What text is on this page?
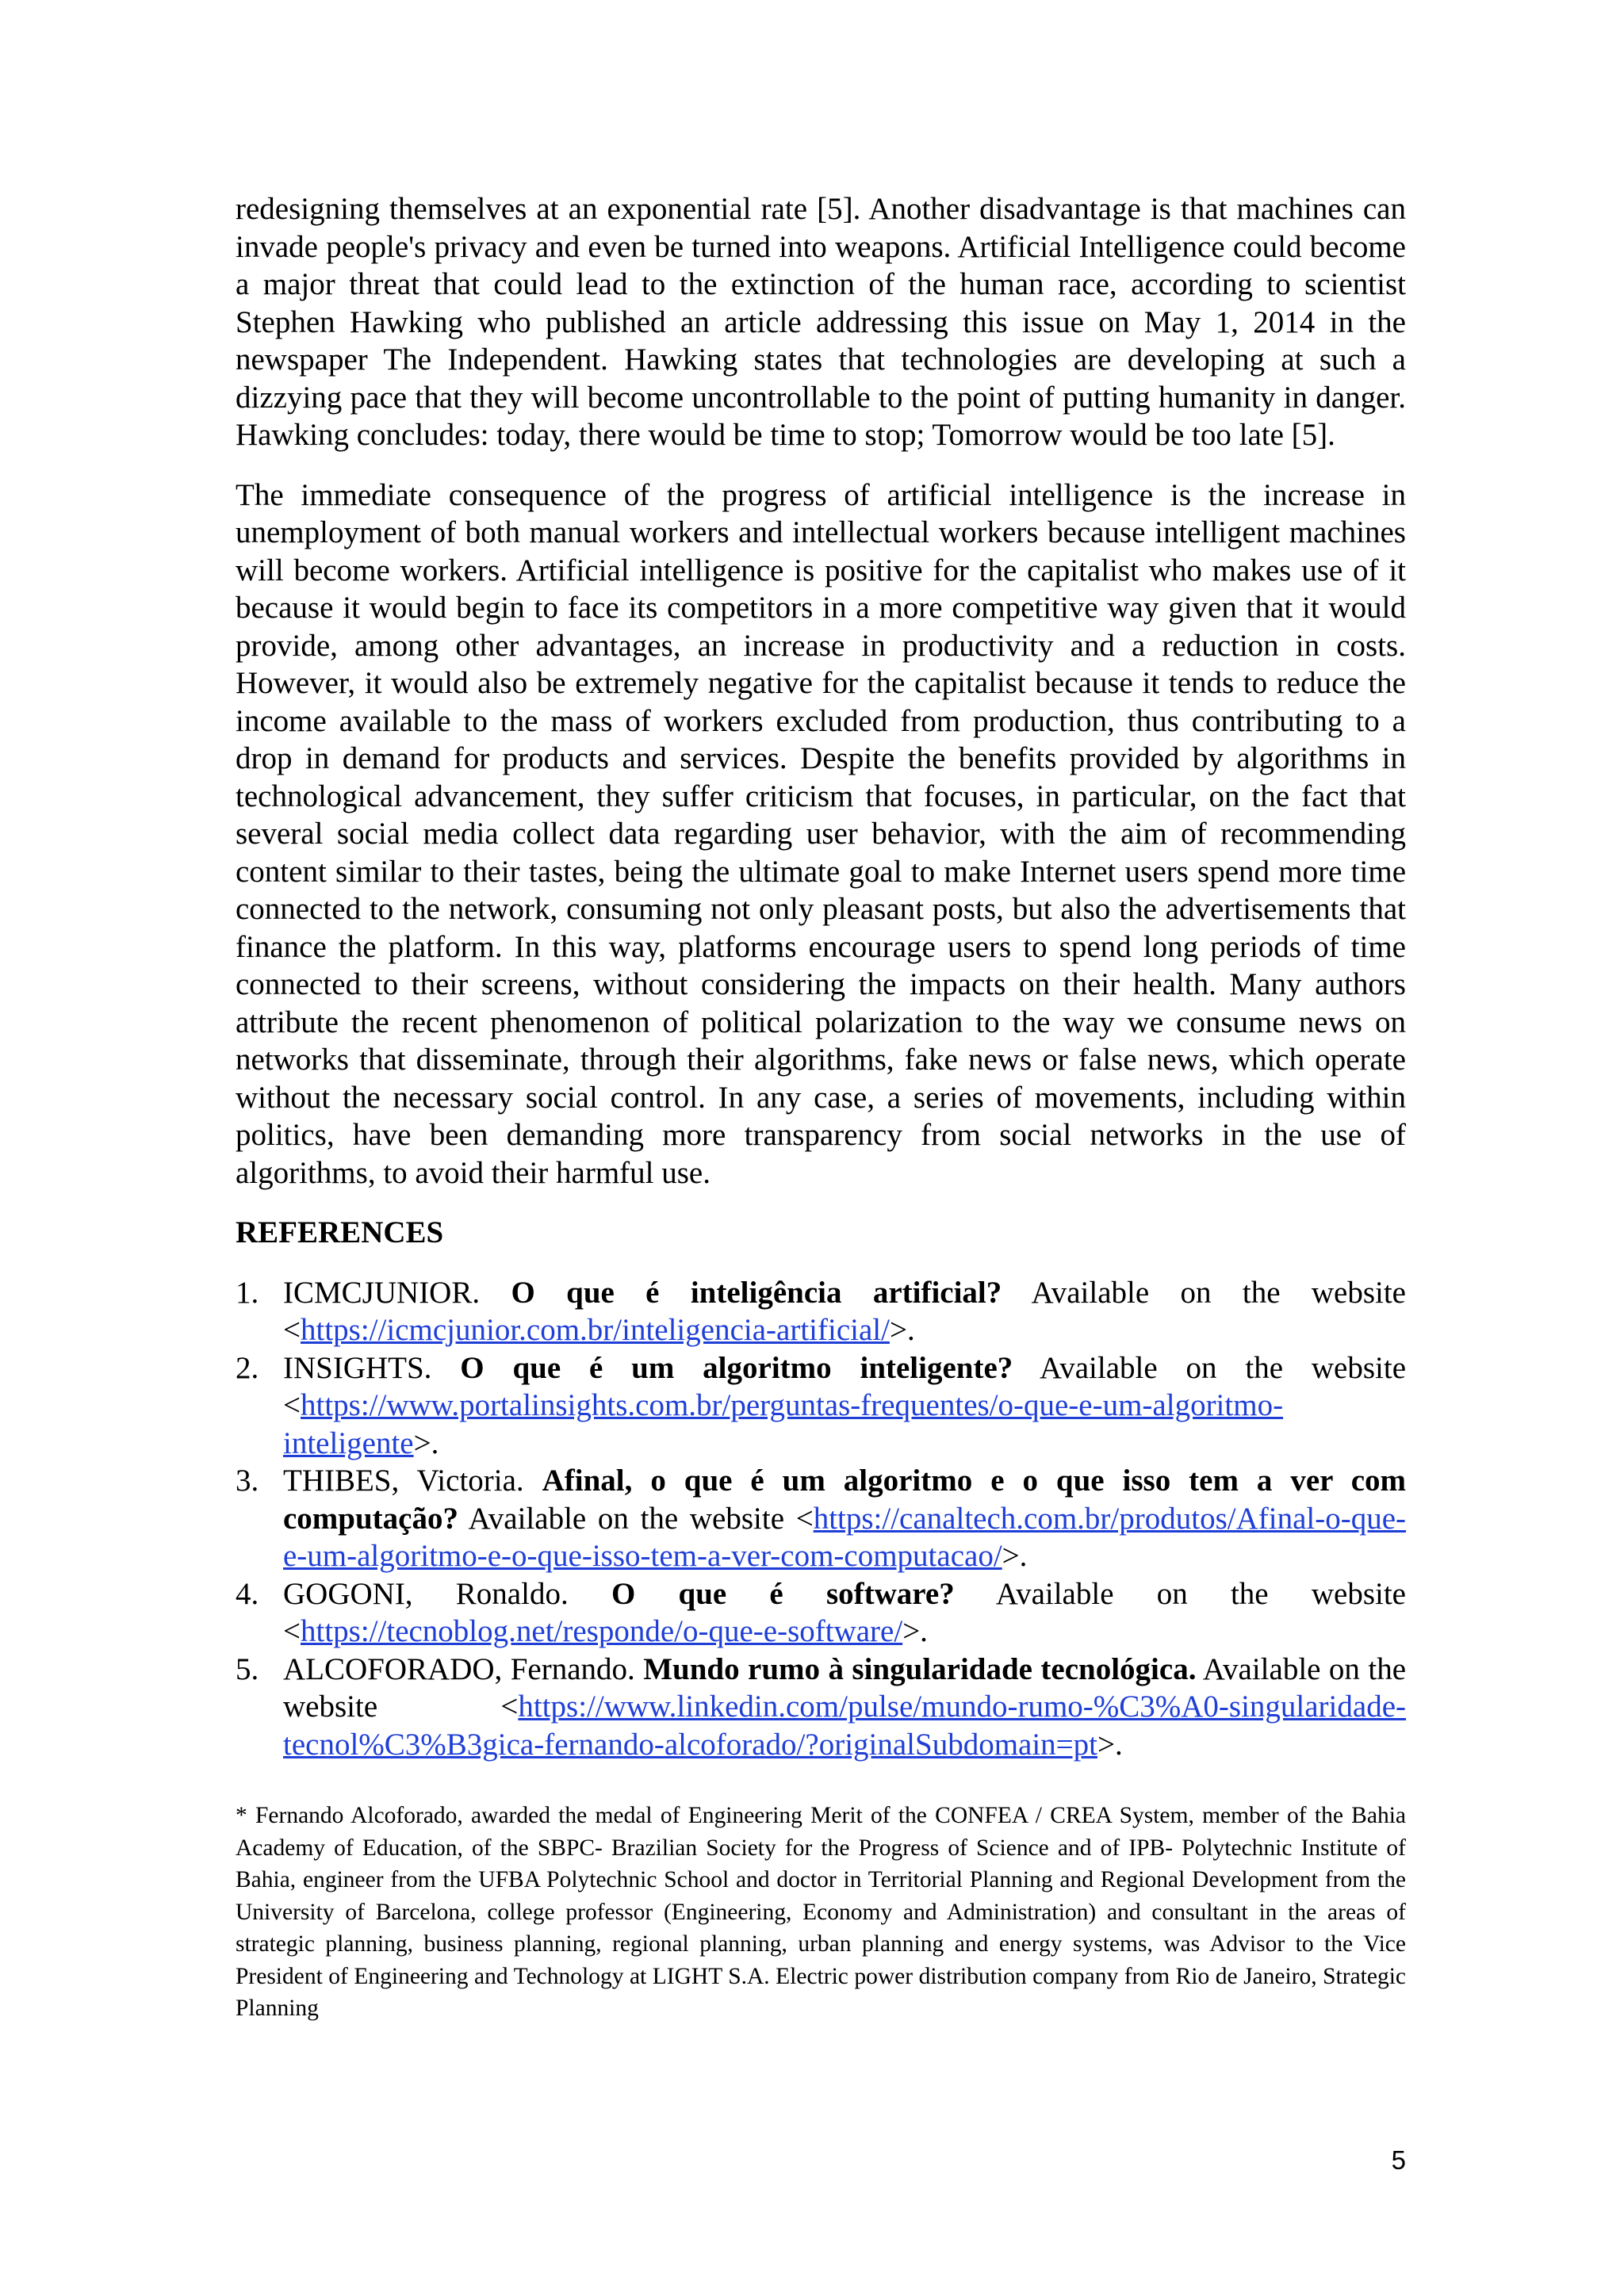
redesigning themselves at an exponential rate [5]. Another disadvantage is that machines can invade people's privacy and even be turned into weapons. Artificial Intelligence could become a major threat that could lead to the extinction of the human race, according to scientist Stephen Hawking who published an article addressing this issue on May 1, 2014 in the newspaper The Independent. Hawking states that technologies are developing at such a dizzying pace that they will become uncontrollable to the point of putting humanity in danger. Hawking concludes: today, there would be time to stop; Tomorrow would be too late [5].

The immediate consequence of the progress of artificial intelligence is the increase in unemployment of both manual workers and intellectual workers because intelligent machines will become workers. Artificial intelligence is positive for the capitalist who makes use of it because it would begin to face its competitors in a more competitive way given that it would provide, among other advantages, an increase in productivity and a reduction in costs. However, it would also be extremely negative for the capitalist because it tends to reduce the income available to the mass of workers excluded from production, thus contributing to a drop in demand for products and services. Despite the benefits provided by algorithms in technological advancement, they suffer criticism that focuses, in particular, on the fact that several social media collect data regarding user behavior, with the aim of recommending content similar to their tastes, being the ultimate goal to make Internet users spend more time connected to the network, consuming not only pleasant posts, but also the advertisements that finance the platform. In this way, platforms encourage users to spend long periods of time connected to their screens, without considering the impacts on their health. Many authors attribute the recent phenomenon of political polarization to the way we consume news on networks that disseminate, through their algorithms, fake news or false news, which operate without the necessary social control. In any case, a series of movements, including within politics, have been demanding more transparency from social networks in the use of algorithms, to avoid their harmful use.

REFERENCES
1. ICMCJUNIOR. O que é inteligência artificial? Available on the website <https://icmcjunior.com.br/inteligencia-artificial/>.
2. INSIGHTS. O que é um algoritmo inteligente? Available on the website <https://www.portalinsights.com.br/perguntas-frequentes/o-que-e-um-algoritmo-inteligente>.
3. THIBES, Victoria. Afinal, o que é um algoritmo e o que isso tem a ver com computação? Available on the website <https://canaltech.com.br/produtos/Afinal-o-que-e-um-algoritmo-e-o-que-isso-tem-a-ver-com-computacao/>.
4. GOGONI, Ronaldo. O que é software? Available on the website <https://tecnoblog.net/responde/o-que-e-software/>.
5. ALCOFORADO, Fernando. Mundo rumo à singularidade tecnológica. Available on the website <https://www.linkedin.com/pulse/mundo-rumo-%C3%A0-singularidade-tecnol%C3%B3gica-fernando-alcoforado/?originalSubdomain=pt>.

* Fernando Alcoforado, awarded the medal of Engineering Merit of the CONFEA / CREA System, member of the Bahia Academy of Education, of the SBPC- Brazilian Society for the Progress of Science and of IPB- Polytechnic Institute of Bahia, engineer from the UFBA Polytechnic School and doctor in Territorial Planning and Regional Development from the University of Barcelona, college professor (Engineering, Economy and Administration) and consultant in the areas of strategic planning, business planning, regional planning, urban planning and energy systems, was Advisor to the Vice President of Engineering and Technology at LIGHT S.A. Electric power distribution company from Rio de Janeiro, Strategic Planning

5
